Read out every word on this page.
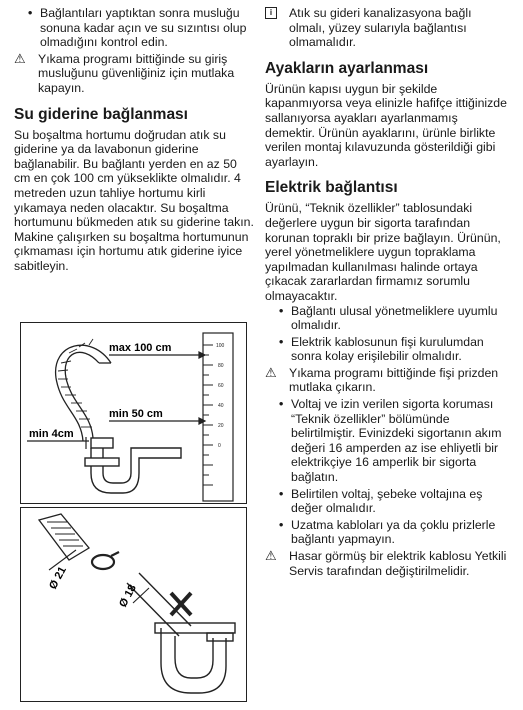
• Bağlantıları yaptıktan sonra musluğu sonuna kadar açın ve su sızıntısı olup olmadığını kontrol edin.
⚠ Yıkama programı bittiğinde su giriş musluğunu güvenliğiniz için mutlaka kapayın.
Su giderine bağlanması

Su boşaltma hortumu doğrudan atık su giderine ya da lavabonun giderine bağlanabilir. Bu bağlantı yerden en az 50 cm en çok 100 cm yükseklikte olmalıdır. 4 metreden uzun tahliye hortumu kirli yıkamaya neden olacaktır. Su boşaltma hortumunu bükmeden atık su giderine takın. Makine çalışırken su boşaltma hortumunun çıkmaması için hortumu atık giderine iyice sabitleyin.

100
80
60
40
20
0
max 100 cm
min 50 cm
min 4cm
Ø 21
Ø 18
i	Atık su gideri kanalizasyona bağlı olmalı, yüzey sularıyla bağlantısı olmamalıdır.
Ayakların ayarlanması

Ürünün kapısı uygun bir şekilde kapanmıyorsa veya elinizle hafifçe ittiğinizde sallanıyorsa ayakları ayarlanmamış demektir. Ürünün ayaklarını, ürünle birlikte verilen montaj kılavuzunda gösterildiği gibi ayarlayın.

Elektrik bağlantısı

Ürünü, “Teknik özellikler” tablosundaki değerlere uygun bir sigorta tarafından korunan topraklı bir prize bağlayın. Ürünün, yerel yönetmeliklere uygun topraklama yapılmadan kullanılması halinde ortaya çıkacak zararlardan firmamız sorumlu olmayacaktır.

• Bağlantı ulusal yönetmeliklere uyumlu olmalıdır.
• Elektrik kablosunun fişi kurulumdan sonra kolay erişilebilir olmalıdır.
⚠ Yıkama programı bittiğinde fişi prizden mutlaka çıkarın.
• Voltaj ve izin verilen sigorta koruması “Teknik özellikler” bölümünde belirtilmiştir. Evinizdeki sigortanın akım değeri 16 amperden az ise ehliyetli bir elektrikçiye 16 amperlik bir sigorta bağlatın.
• Belirtilen voltaj, şebeke voltajına eş değer olmalıdır.
• Uzatma kabloları ya da çoklu prizlerle bağlantı yapmayın.
⚠ Hasar görmüş bir elektrik kablosu Yetkili Servis tarafından değiştirilmelidir.
